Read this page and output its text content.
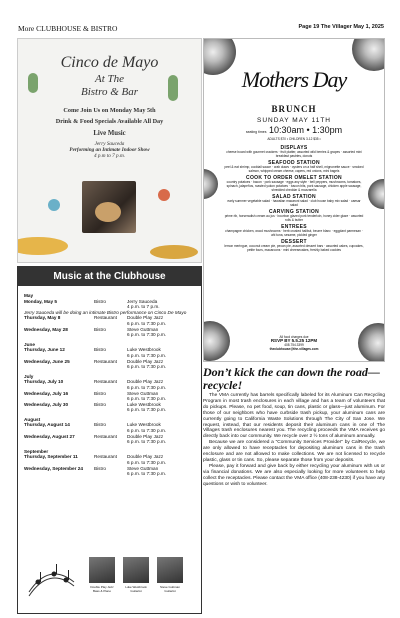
More CLUBHOUSE & BISTRO	Page 19 The Villager May 1, 2025
Cinco de Mayo
At The
Bistro & Bar
Come Join Us on Monday May 5th
Drink & Food Specials Available All Day
Live Music
Jerry Sauceda
Performing an Intimate Indoor Show
4 p.m to 7 p.m.
Music at the Clubhouse
May
Monday, May 5	Bistro	Jerry Sauceda
4 p.m. to 7 p.m.
Jerry Sauceda will be doing an intimate Bistro performance on Cinco De Mayo
Thursday, May 8	Restaurant	Double Play Jazz
6 p.m. to 7:30 p.m.
Wednesday, May 28	Bistro	Steve Guttman
6 p.m. to 7:30 p.m.
June
Thursday, June 12	Bistro	Luke Westbrook
6 p.m. to 7:30 p.m.
Wednesday, June 25	Restaurant	Double Play Jazz
6 p.m. to 7:30 p.m.
July
Thursday, July 10	Restaurant	Double Play Jazz
6 p.m. to 7:30 p.m.
Wednesday, July 16	Bistro	Steve Guttman
6 p.m. to 7:30 p.m.
Wednesday, July 30	Bistro	Luke Westbrook
6 p.m. to 7:30 p.m.
August
Thursday, August 14	Bistro	Luke Westbrook
6 p.m. to 7:30 p.m.
Wednesday, August 27	Restaurant	Double Play Jazz
6 p.m. to 7:30 p.m.
September
Thursday, September 11	Restaurant	Double Play Jazz
6 p.m. to 7:30 p.m.
Wednesday, September 24	Bistro	Steve Guttman
6 p.m. to 7:30 p.m.
Double Play Jazz
Bass & Piano
Luke Westbrook
Guitarist
Steve Guttman
Guitarist
Mothers Day
BRUNCH
SUNDAY MAY 11TH
seating times 10:30am • 1:30pm
ADULTS $70 • CHILDREN 3-12 $35 •
DISPLAYS
cheese board with gourmet crackers · fruit platter, assorted wild berries & grapes · assorted mini breakfast pastries, donuts
SEAFOOD STATION
peel & eat shrimp, cocktail sauce · crab claws · oysters on a half shell, mignonette sauce · smoked salmon, whipped cream cheese, capers, red onions, mini bagels
COOK TO ORDER OMELET STATION
country potatoes · bacon · pork sausage · eggs any style · bell peppers, mushrooms, tomatoes, spinach, jalapeños, roasted yukon potatoes · bacon bits, pork sausage, chicken apple sausage, shredded cheddar & mozzarella
SALAD STATION
early summer vegetable salad · hawaiian macaroni salad · club house baby mix salad · caesar salad
CARVING STATION
prime rib, horseradish cream au jus · bourbon glazed pork tenderloin, honey cider glaze · assorted rolls & butter
ENTREES
champagne chicken, wood mushrooms · herb crusted halibut, beurre blanc · eggplant parmesan · ahi tuna, sesame, pickled ginger
DESSERT
lemon meringue, coconut cream pie, pecan pie, assorted dessert bars · assorted cakes, cupcakes, petite fours, macaroons · mini cheesecakes, freshly baked cookies
All food charges due
RSVP BY 5.5.25 12PM
408.754.3399
theclubhouse@the-villages.com
Don’t kick the can down the road—recycle!

The VMA currently has barrels specifically labeled for its Aluminum Can Recycling Program in most trash enclosures in each village and has a team of volunteers that do pickups. Please, no pet food, soup, tin cans, plastic or glass—just aluminum. For those of our neighbors who have curbside trash pickup, your aluminum cans are currently going to California Waste Solutions through The City of San Jose. We request, instead, that our residents deposit their aluminum cans in one of The Villages trash enclosures nearest you. The recycling proceeds the VMA receives go directly back into our community. We recycle over 2 ½ tons of aluminum annually.

Because we are considered a "Community Services Provider" by CalRecycle, we are only allowed to have receptacles for depositing aluminum cans in the trash enclosure and are not allowed to make collections. We are not licensed to recycle plastic, glass or tin cans. So, please separate those from your deposits.

Please, pay it forward and give back by either recycling your aluminum with us or via financial donations. We are also especially looking for more volunteers to help collect the receptacles. Please contact the VMA office (408-238-4230) if you have any questions or wish to volunteer.
